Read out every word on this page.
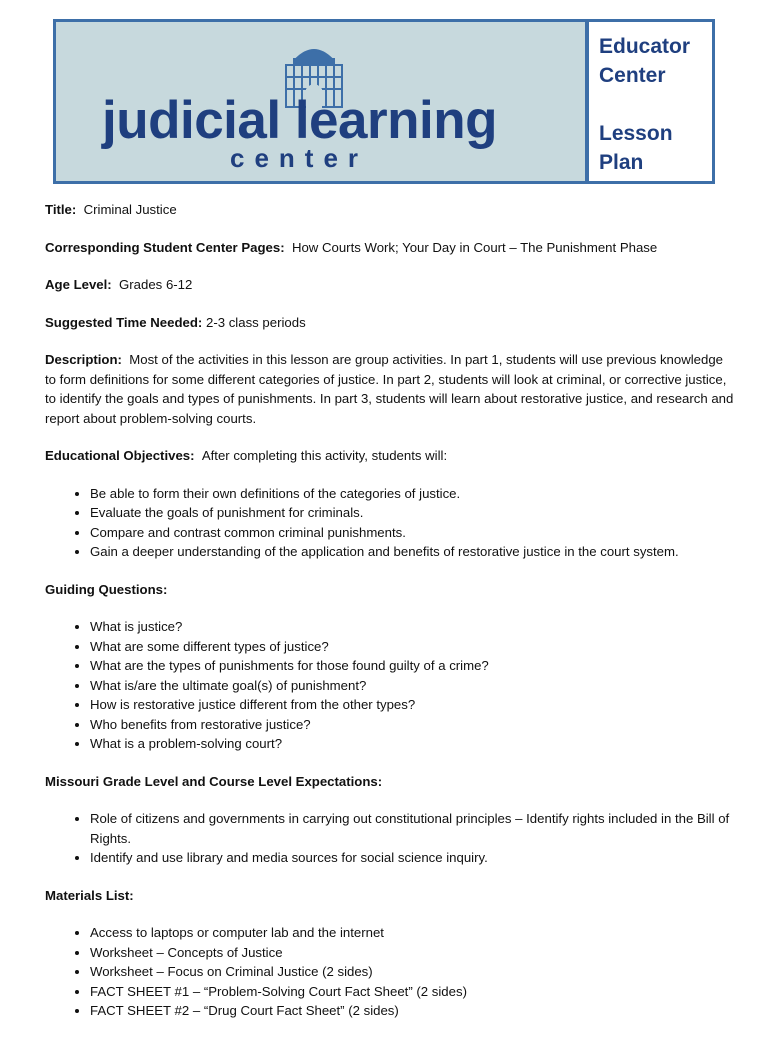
judicial learning

center

Educator
Center
Lesson
Plan

Title: Criminal Justice

Corresponding Student Center Pages: How Courts Work; Your Day in Court – The Punishment Phase

Age Level: Grades 6-12

Suggested Time Needed: 2-3 class periods

Description: Most of the activities in this lesson are group activities. In part 1, students will use previous knowledge to form definitions for some different categories of justice. In part 2, students will look at criminal, or corrective justice, to identify the goals and types of punishments. In part 3, students will learn about restorative justice, and research and report about problem-solving courts.

Educational Objectives: After completing this activity, students will:

• Be able to form their own definitions of the categories of justice.
• Evaluate the goals of punishment for criminals.
• Compare and contrast common criminal punishments.
• Gain a deeper understanding of the application and benefits of restorative justice in the court system.

Guiding Questions:

• What is justice?
• What are some different types of justice?
• What are the types of punishments for those found guilty of a crime?
• What is/are the ultimate goal(s) of punishment?
• How is restorative justice different from the other types?
• Who benefits from restorative justice?
• What is a problem-solving court?

Missouri Grade Level and Course Level Expectations:

• Role of citizens and governments in carrying out constitutional principles – Identify rights included in the Bill of Rights.
• Identify and use library and media sources for social science inquiry.

Materials List:

• Access to laptops or computer lab and the internet
• Worksheet – Concepts of Justice
• Worksheet – Focus on Criminal Justice (2 sides)
• FACT SHEET #1 – “Problem-Solving Court Fact Sheet” (2 sides)
• FACT SHEET #2 – “Drug Court Fact Sheet” (2 sides)
